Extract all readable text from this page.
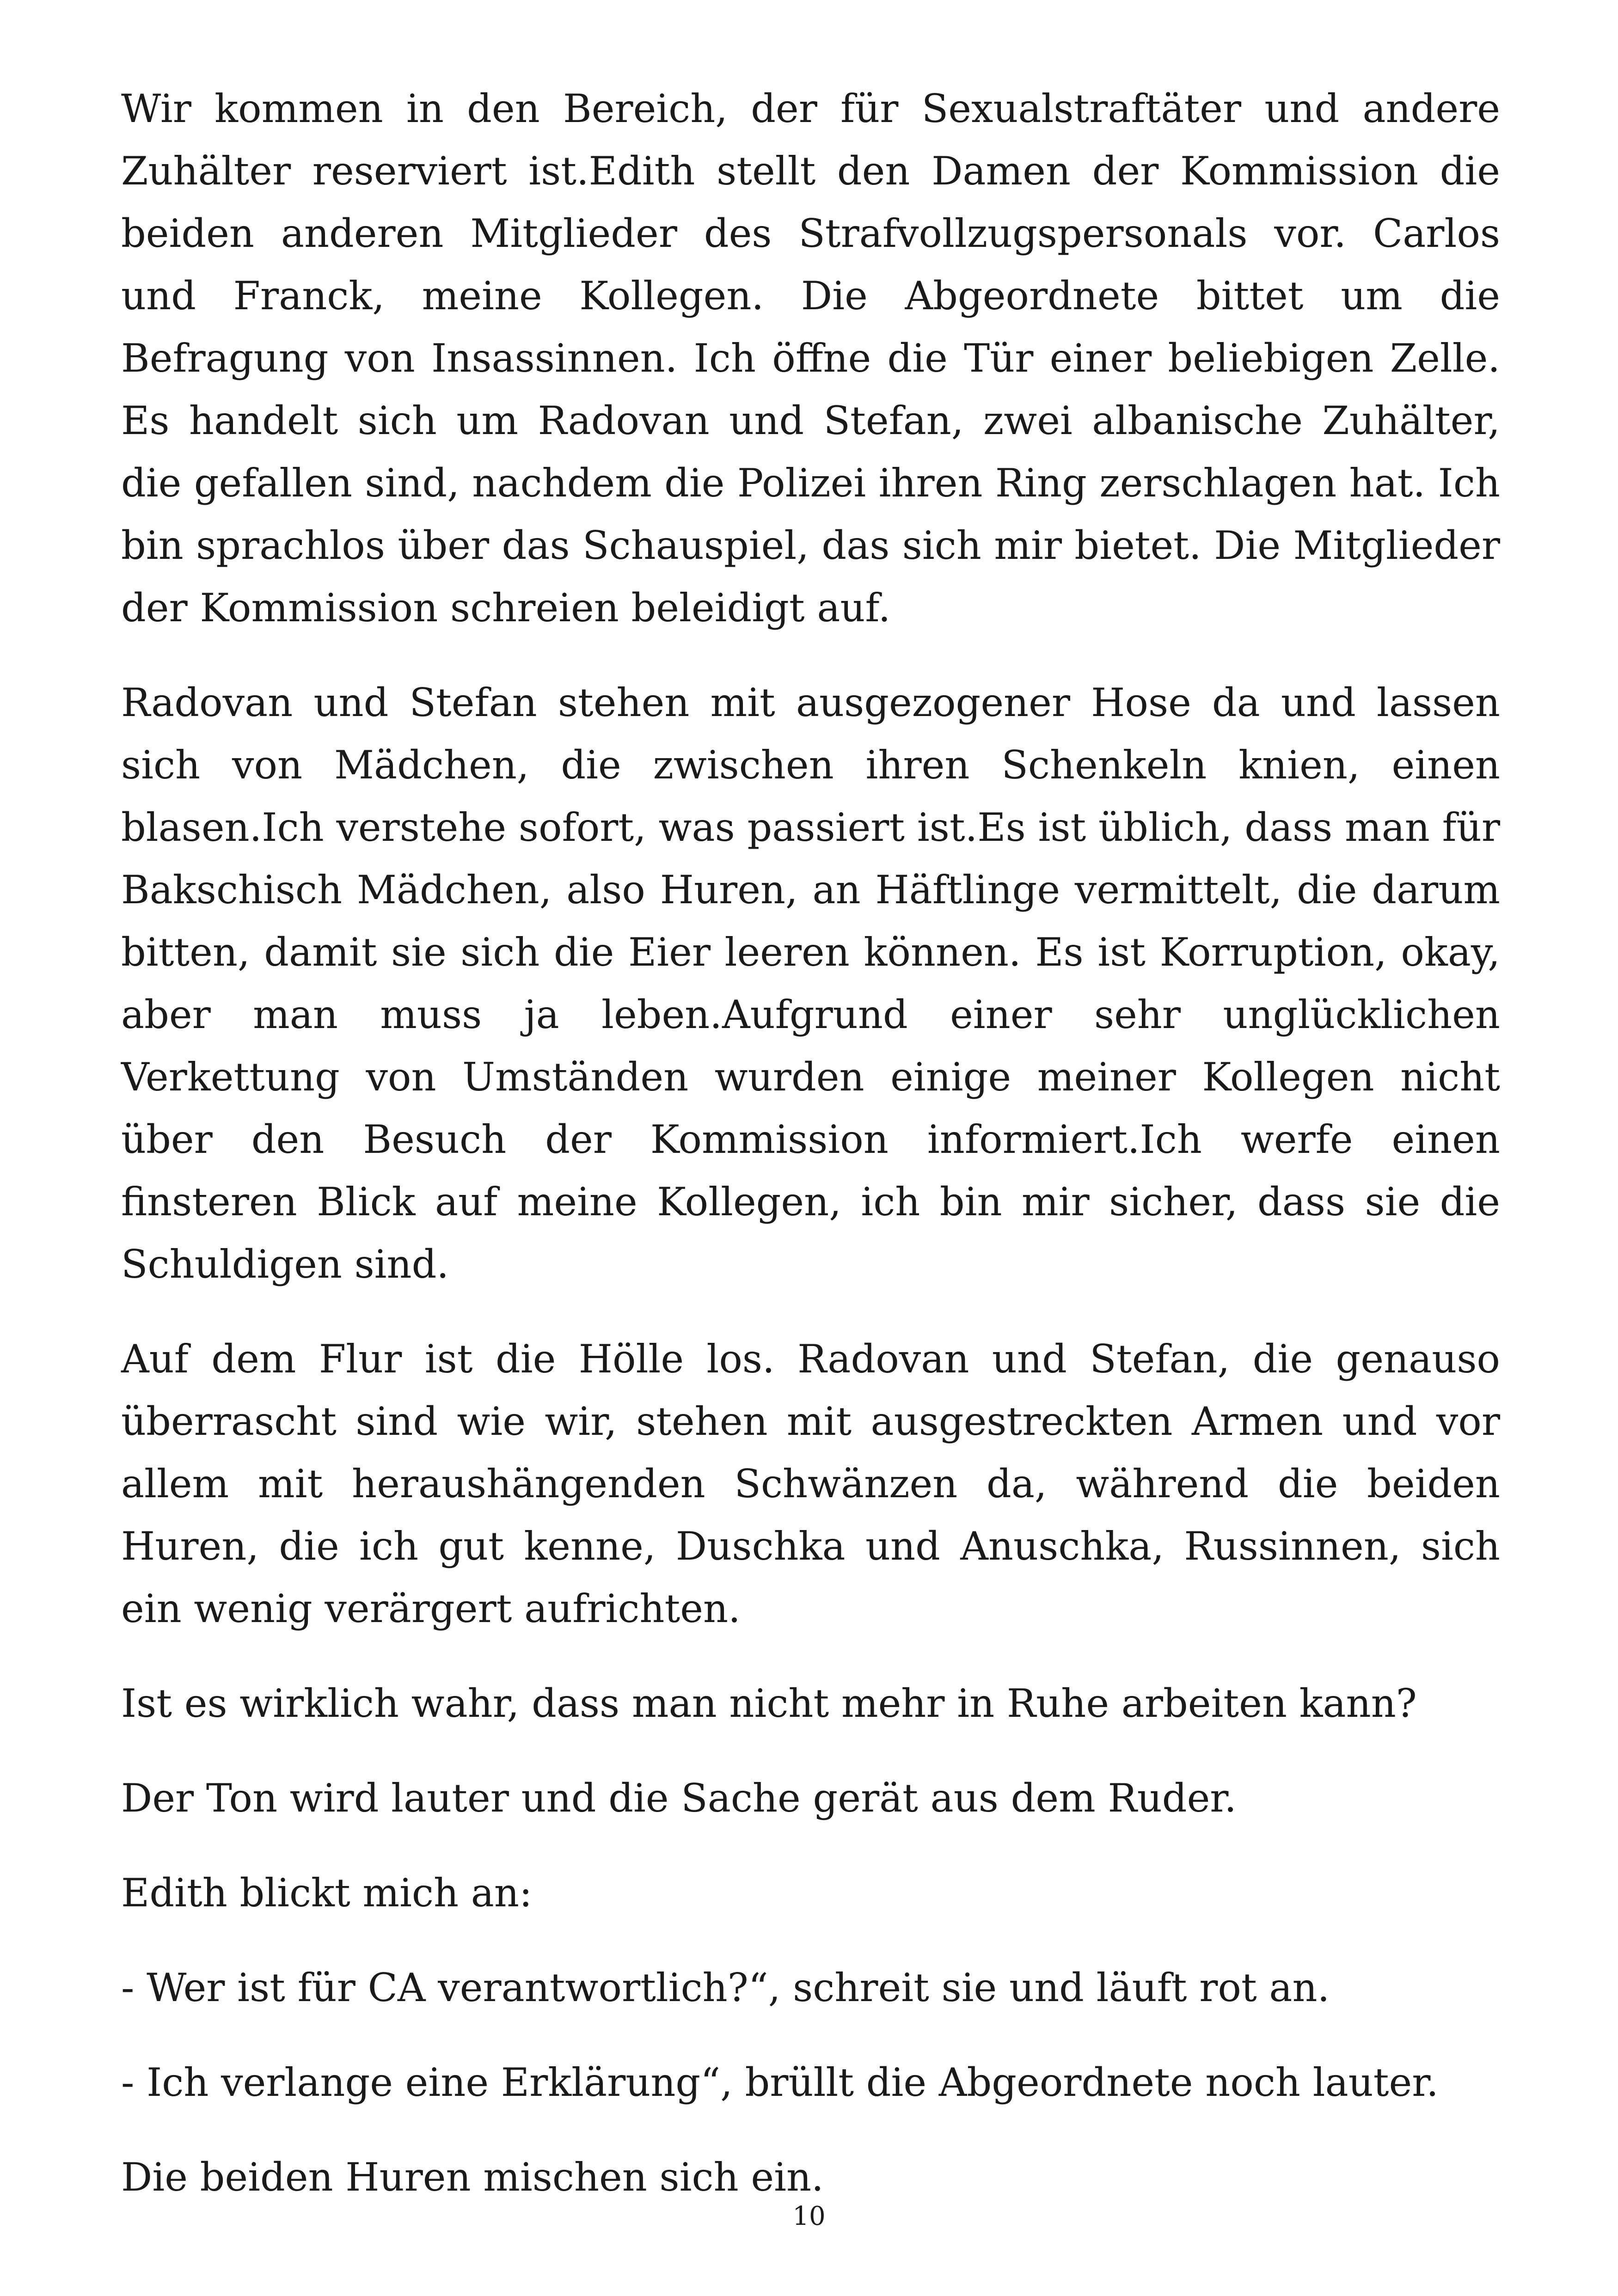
Wir kommen in den Bereich, der für Sexualstraftäter und andere Zuhälter reserviert ist.Edith stellt den Damen der Kommission die beiden anderen Mitglieder des Strafvollzugspersonals vor. Carlos und Franck, meine Kollegen. Die Abgeordnete bittet um die Befragung von Insassinnen. Ich öffne die Tür einer beliebigen Zelle. Es handelt sich um Radovan und Stefan, zwei albanische Zuhälter, die gefallen sind, nachdem die Polizei ihren Ring zerschlagen hat. Ich bin sprachlos über das Schauspiel, das sich mir bietet. Die Mitglieder der Kommission schreien beleidigt auf.

Radovan und Stefan stehen mit ausgezogener Hose da und lassen sich von Mädchen, die zwischen ihren Schenkeln knien, einen blasen.Ich verstehe sofort, was passiert ist.Es ist üblich, dass man für Bakschisch Mädchen, also Huren, an Häftlinge vermittelt, die darum bitten, damit sie sich die Eier leeren können. Es ist Korruption, okay, aber man muss ja leben.Aufgrund einer sehr unglücklichen Verkettung von Umständen wurden einige meiner Kollegen nicht über den Besuch der Kommission informiert.Ich werfe einen finsteren Blick auf meine Kollegen, ich bin mir sicher, dass sie die Schuldigen sind.

Auf dem Flur ist die Hölle los. Radovan und Stefan, die genauso überrascht sind wie wir, stehen mit ausgestreckten Armen und vor allem mit heraushängenden Schwänzen da, während die beiden Huren, die ich gut kenne, Duschka und Anuschka, Russinnen, sich ein wenig verärgert aufrichten.

Ist es wirklich wahr, dass man nicht mehr in Ruhe arbeiten kann?

Der Ton wird lauter und die Sache gerät aus dem Ruder.

Edith blickt mich an:

- Wer ist für CA verantwortlich?“, schreit sie und läuft rot an.

- Ich verlange eine Erklärung“, brüllt die Abgeordnete noch lauter.

Die beiden Huren mischen sich ein.

10
